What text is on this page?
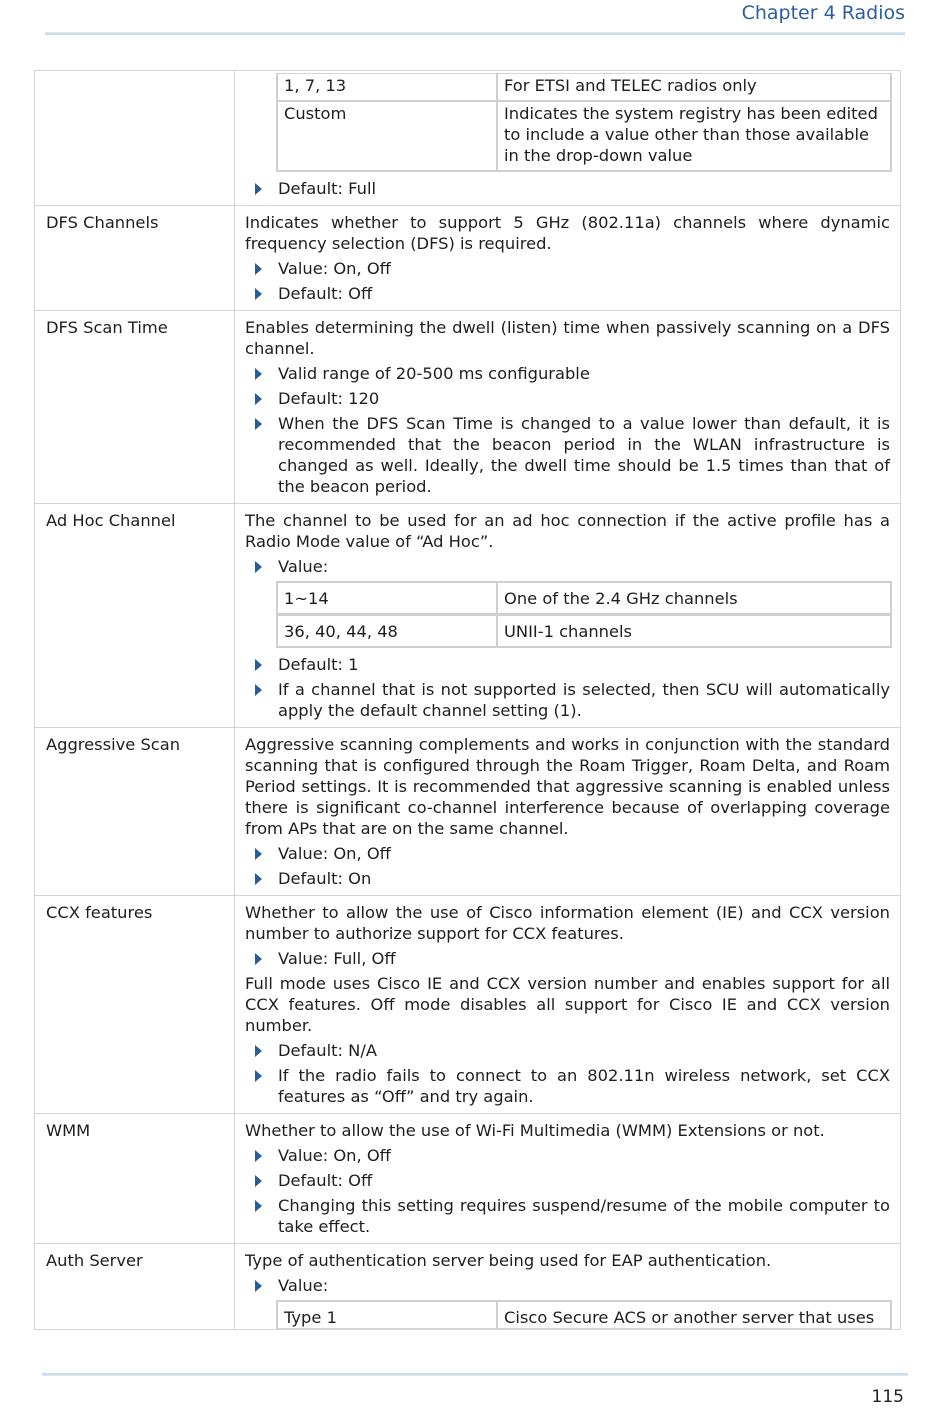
Chapter 4 Radios

1, 7, 13	For ETSI and TELEC radios only
Custom	Indicates the system registry has been edited to include a value other than those available in the drop-down value
Default: Full

DFS Channels	Indicates whether to support 5 GHz (802.11a) channels where dynamic frequency selection (DFS) is required.
Value: On, Off
Default: Off

DFS Scan Time	Enables determining the dwell (listen) time when passively scanning on a DFS channel.
Valid range of 20-500 ms configurable
Default: 120
When the DFS Scan Time is changed to a value lower than default, it is recommended that the beacon period in the WLAN infrastructure is changed as well. Ideally, the dwell time should be 1.5 times than that of the beacon period.

Ad Hoc Channel	The channel to be used for an ad hoc connection if the active profile has a Radio Mode value of “Ad Hoc”.
Value:
1~14	One of the 2.4 GHz channels
36, 40, 44, 48	UNII-1 channels
Default: 1
If a channel that is not supported is selected, then SCU will automatically apply the default channel setting (1).

Aggressive Scan	Aggressive scanning complements and works in conjunction with the standard scanning that is configured through the Roam Trigger, Roam Delta, and Roam Period settings. It is recommended that aggressive scanning is enabled unless there is significant co-channel interference because of overlapping coverage from APs that are on the same channel.
Value: On, Off
Default: On

CCX features	Whether to allow the use of Cisco information element (IE) and CCX version number to authorize support for CCX features.
Value: Full, Off
Full mode uses Cisco IE and CCX version number and enables support for all CCX features. Off mode disables all support for Cisco IE and CCX version number.
Default: N/A
If the radio fails to connect to an 802.11n wireless network, set CCX features as “Off” and try again.

WMM	Whether to allow the use of Wi-Fi Multimedia (WMM) Extensions or not.
Value: On, Off
Default: Off
Changing this setting requires suspend/resume of the mobile computer to take effect.

Auth Server	Type of authentication server being used for EAP authentication.
Value:
Type 1	Cisco Secure ACS or another server that uses
115
